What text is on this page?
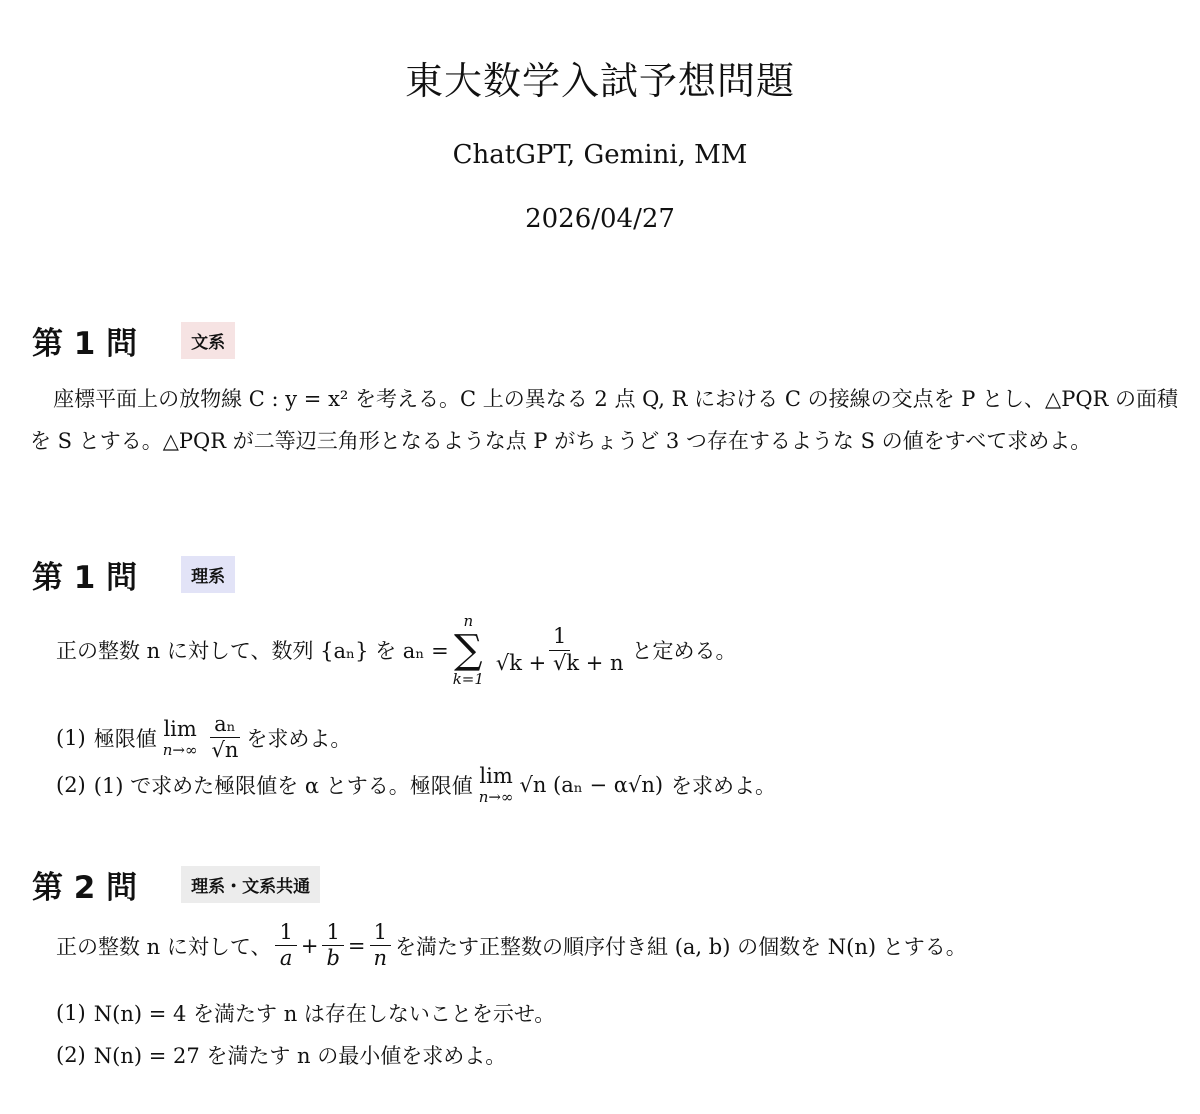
東大数学入試予想問題
ChatGPT, Gemini, MM
2026/04/27
第 1 問	文系
座標平面上の放物線 C : y = x² を考える。C 上の異なる 2 点 Q, R における C の接線の交点を P とし、△PQR の面積を S とする。△PQR が二等辺三角形となるような点 P がちょうど 3 つ存在するような S の値をすべて求めよ。
第 1 問	理系
正の整数 n に対して、数列 {aₙ} を aₙ =
n
∑
k=1
$\frac{1}{√k + √k + n}$ と定める。
(1) 極限値 lim
$n\to\infty \frac{\text{aₙ}}{√n}$ を求めよ。
(2) (1) で求めた極限値を α とする。極限値 lim
n→∞ √n (aₙ − α√n) を求めよ。
第 2 問	理系・文系共通
正の整数 n に対して、 $\frac{1}{a} + \frac{1}{b} = \frac{1}{n}$ を満たす正整数の順序付き組 (a, b) の個数を N(n) とする。
(1) N(n) = 4 を満たす n は存在しないことを示せ。
(2) N(n) = 27 を満たす n の最小値を求めよ。
